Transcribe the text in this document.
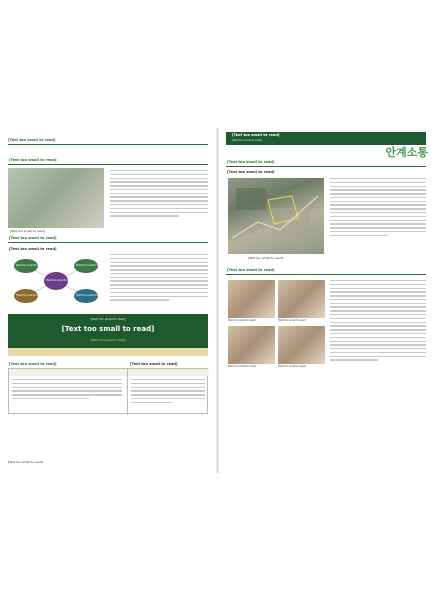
[Text too small to read]
[Text too small to read]
[Text too small to read]
[Text too small to read]
[Text too small to read]
[Text too small to read]
[Text too small to read]	[Text too small to read]
[Text too small to read]	[Text too small to read]
[Text too small to read]
[Text too small to read]
[Text too small to read]
[Text too small to read]	[Text too small to read]
[Text too small to read]
[Text too small to read]
[Text too small to read]
안계소통
[Text too small to read]
[Text too small to read]
[Text too small to read]
[Text too small to read]
[Text too small to read]	[Text too small to read]
[Text too small to read]	[Text too small to read]
